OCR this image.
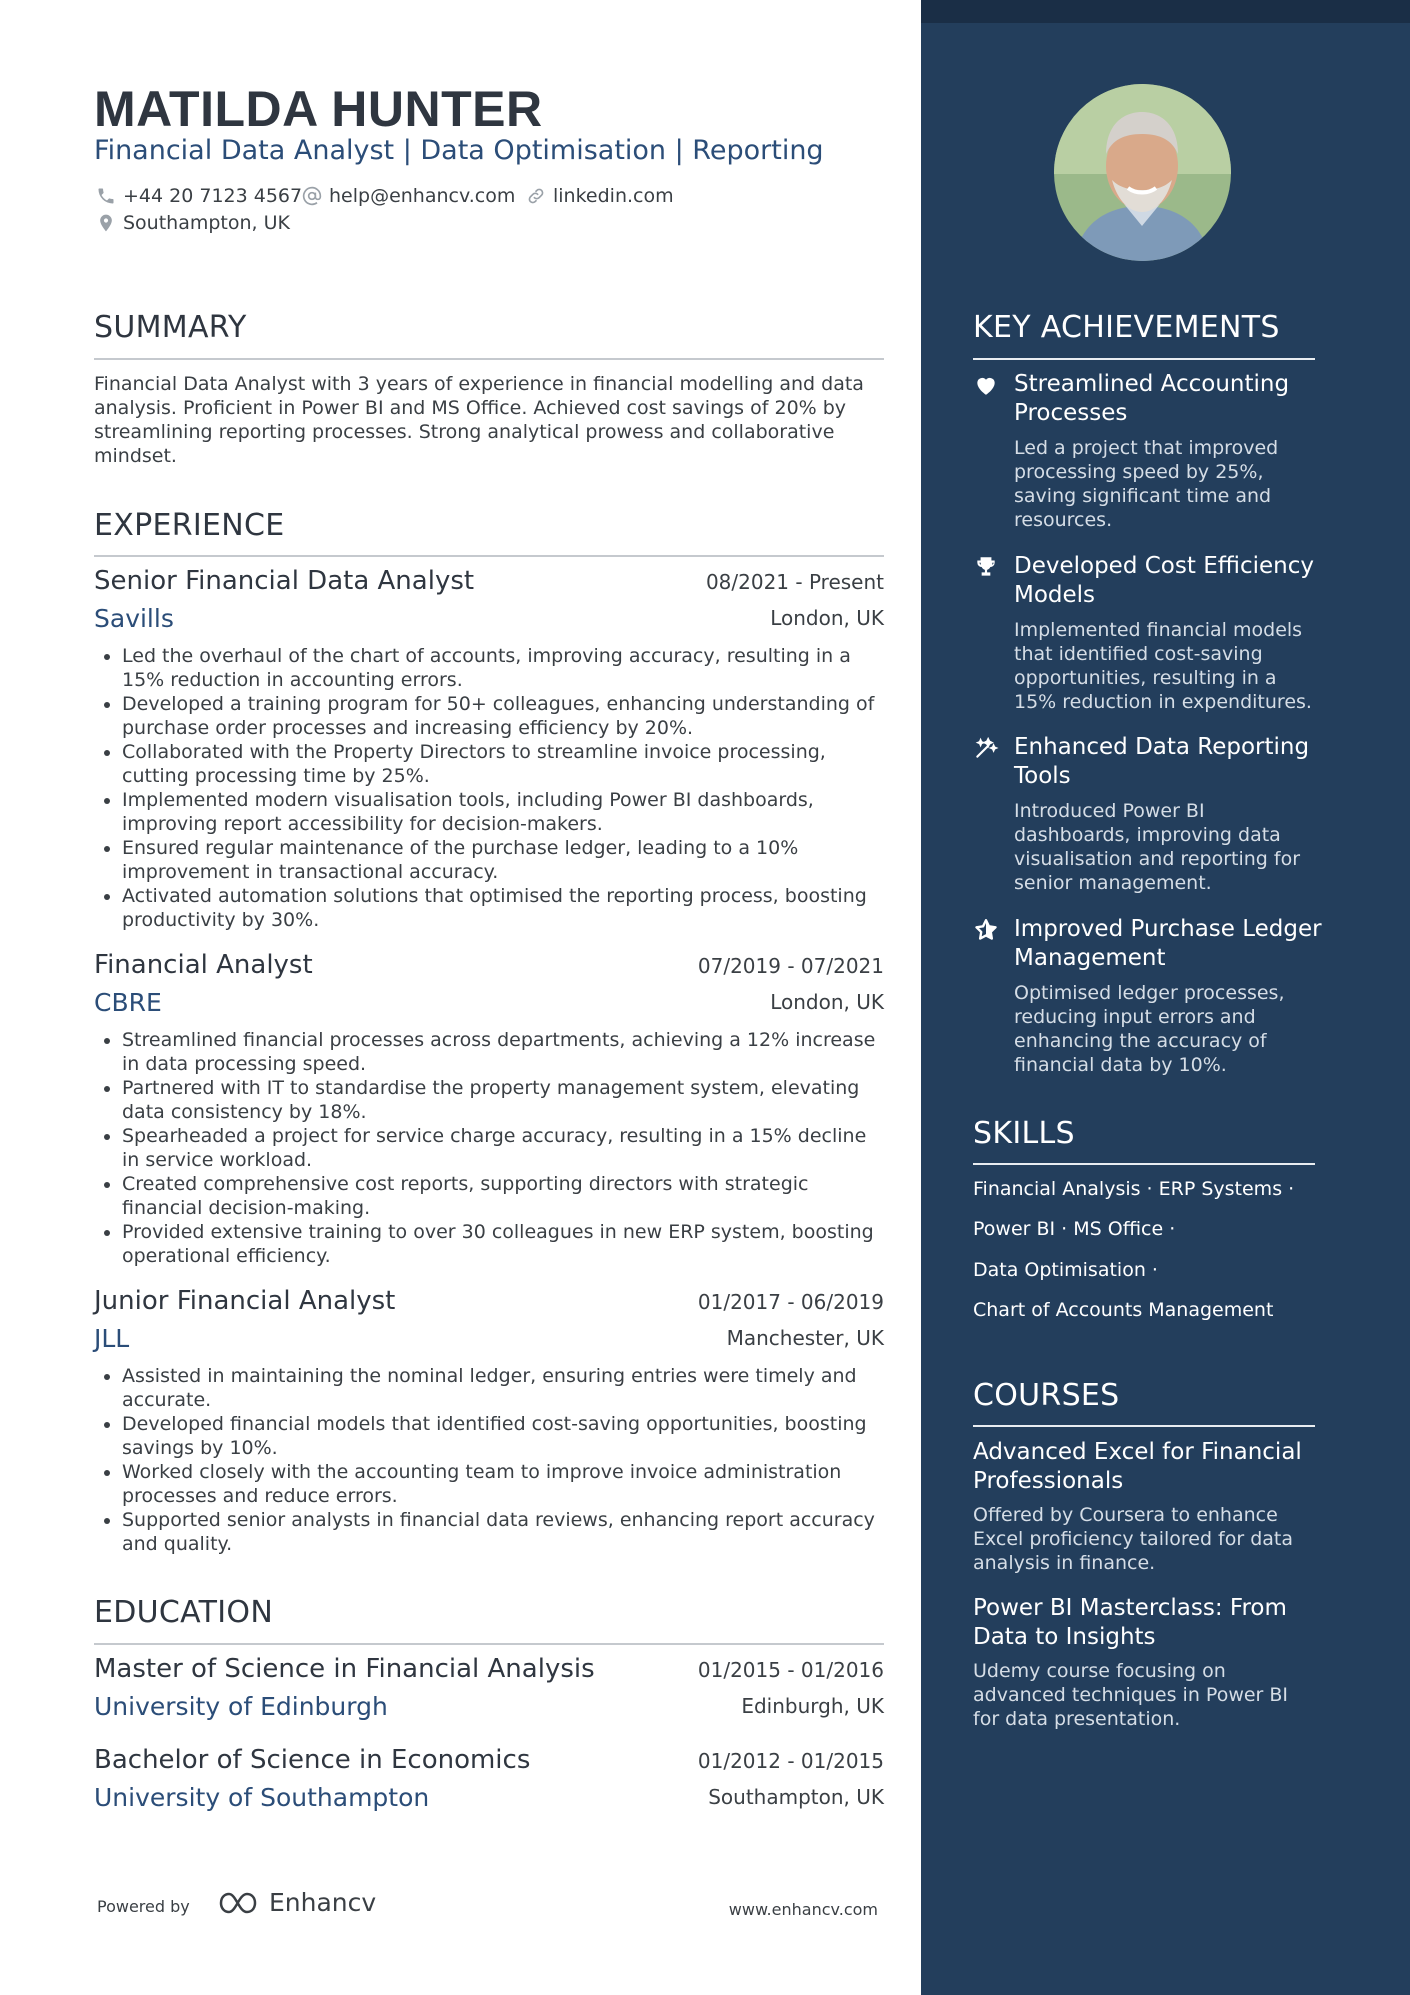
MATILDA HUNTER
Financial Data Analyst | Data Optimisation | Reporting
+44 20 7123 4567 help@enhancv.com linkedin.com
Southampton, UK
SUMMARY

Financial Data Analyst with 3 years of experience in financial modelling and data analysis. Proficient in Power BI and MS Office. Achieved cost savings of 20% by streamlining reporting processes. Strong analytical prowess and collaborative mindset.

EXPERIENCE
Senior Financial Data Analyst	08/2021 - Present
Savills	London, UK
• Led the overhaul of the chart of accounts, improving accuracy, resulting in a 15% reduction in accounting errors.
• Developed a training program for 50+ colleagues, enhancing understanding of purchase order processes and increasing efficiency by 20%.
• Collaborated with the Property Directors to streamline invoice processing, cutting processing time by 25%.
• Implemented modern visualisation tools, including Power BI dashboards, improving report accessibility for decision-makers.
• Ensured regular maintenance of the purchase ledger, leading to a 10% improvement in transactional accuracy.
• Activated automation solutions that optimised the reporting process, boosting productivity by 30%.
Financial Analyst	07/2019 - 07/2021
CBRE	London, UK
• Streamlined financial processes across departments, achieving a 12% increase in data processing speed.
• Partnered with IT to standardise the property management system, elevating data consistency by 18%.
• Spearheaded a project for service charge accuracy, resulting in a 15% decline in service workload.
• Created comprehensive cost reports, supporting directors with strategic financial decision-making.
• Provided extensive training to over 30 colleagues in new ERP system, boosting operational efficiency.
Junior Financial Analyst	01/2017 - 06/2019
JLL	Manchester, UK
• Assisted in maintaining the nominal ledger, ensuring entries were timely and accurate.
• Developed financial models that identified cost-saving opportunities, boosting savings by 10%.
• Worked closely with the accounting team to improve invoice administration processes and reduce errors.
• Supported senior analysts in financial data reviews, enhancing report accuracy and quality.
EDUCATION
Master of Science in Financial Analysis	01/2015 - 01/2016
University of Edinburgh	Edinburgh, UK
Bachelor of Science in Economics	01/2012 - 01/2015
University of Southampton	Southampton, UK
Powered by	Enhancv	www.enhancv.com
KEY ACHIEVEMENTS
Streamlined Accounting Processes
Led a project that improved processing speed by 25%, saving significant time and resources.
Developed Cost Efficiency Models
Implemented financial models that identified cost-saving opportunities, resulting in a 15% reduction in expenditures.
Enhanced Data Reporting Tools
Introduced Power BI dashboards, improving data visualisation and reporting for senior management.
Improved Purchase Ledger Management
Optimised ledger processes, reducing input errors and enhancing the accuracy of financial data by 10%.
SKILLS
Financial Analysis · ERP Systems ·
Power BI · MS Office ·
Data Optimisation ·
Chart of Accounts Management
COURSES
Advanced Excel for Financial Professionals
Offered by Coursera to enhance Excel proficiency tailored for data analysis in finance.
Power BI Masterclass: From Data to Insights
Udemy course focusing on advanced techniques in Power BI for data presentation.
